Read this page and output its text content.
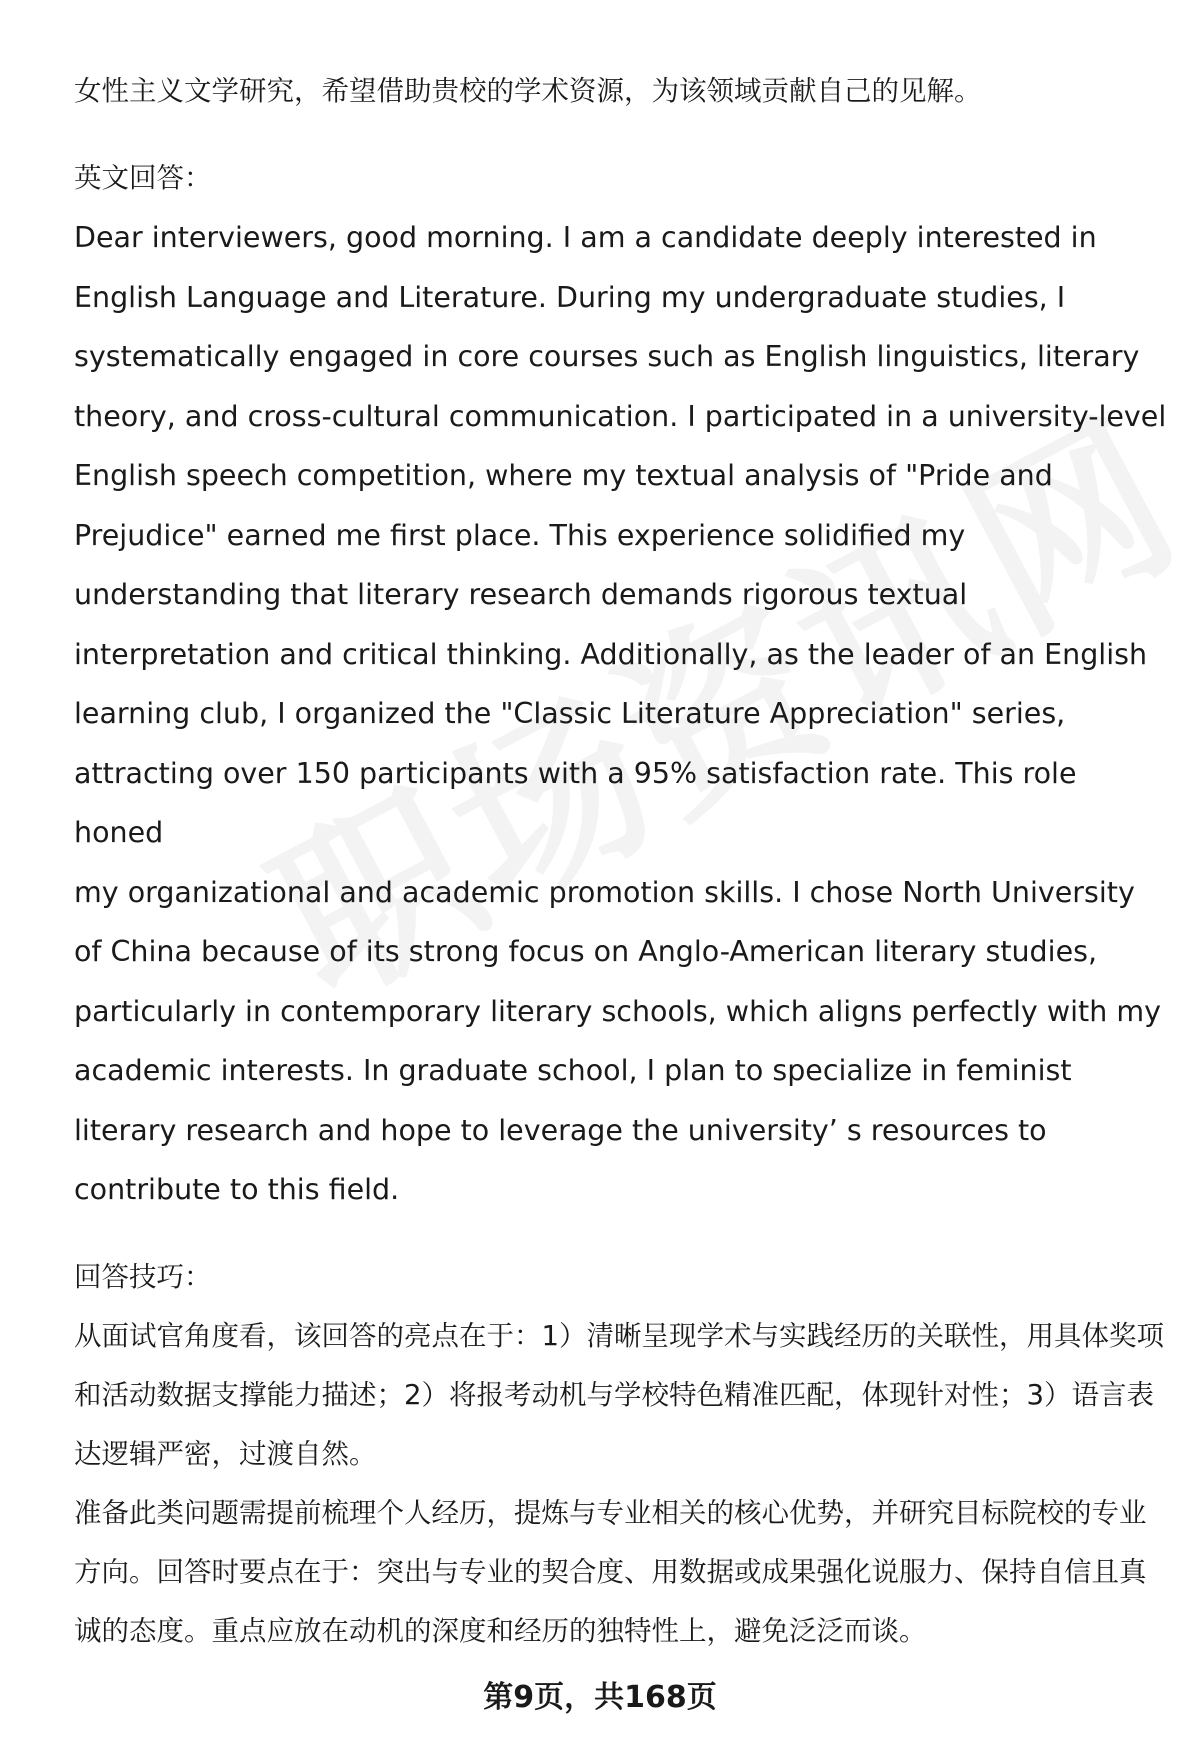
女性主义文学研究，希望借助贵校的学术资源，为该领域贡献自己的见解。

英文回答：

Dear interviewers, good morning. I am a candidate deeply interested in
English Language and Literature. During my undergraduate studies, I
systematically engaged in core courses such as English linguistics, literary
theory, and cross-cultural communication. I participated in a university-level
English speech competition, where my textual analysis of "Pride and
Prejudice" earned me first place. This experience solidified my
understanding that literary research demands rigorous textual
interpretation and critical thinking. Additionally, as the leader of an English
learning club, I organized the "Classic Literature Appreciation" series,
attracting over 150 participants with a 95% satisfaction rate. This role honed
my organizational and academic promotion skills. I chose North University
of China because of its strong focus on Anglo-American literary studies,
particularly in contemporary literary schools, which aligns perfectly with my
academic interests. In graduate school, I plan to specialize in feminist
literary research and hope to leverage the university’ s resources to
contribute to this field.

回答技巧：

从面试官角度看，该回答的亮点在于：1）清晰呈现学术与实践经历的关联性，用具体奖项和活动数据支撑能力描述；2）将报考动机与学校特色精准匹配，体现针对性；3）语言表达逻辑严密，过渡自然。

准备此类问题需提前梳理个人经历，提炼与专业相关的核心优势，并研究目标院校的专业方向。回答时要点在于：突出与专业的契合度、用数据或成果强化说服力、保持自信且真诚的态度。重点应放在动机的深度和经历的独特性上，避免泛泛而谈。

第9页，共168页
